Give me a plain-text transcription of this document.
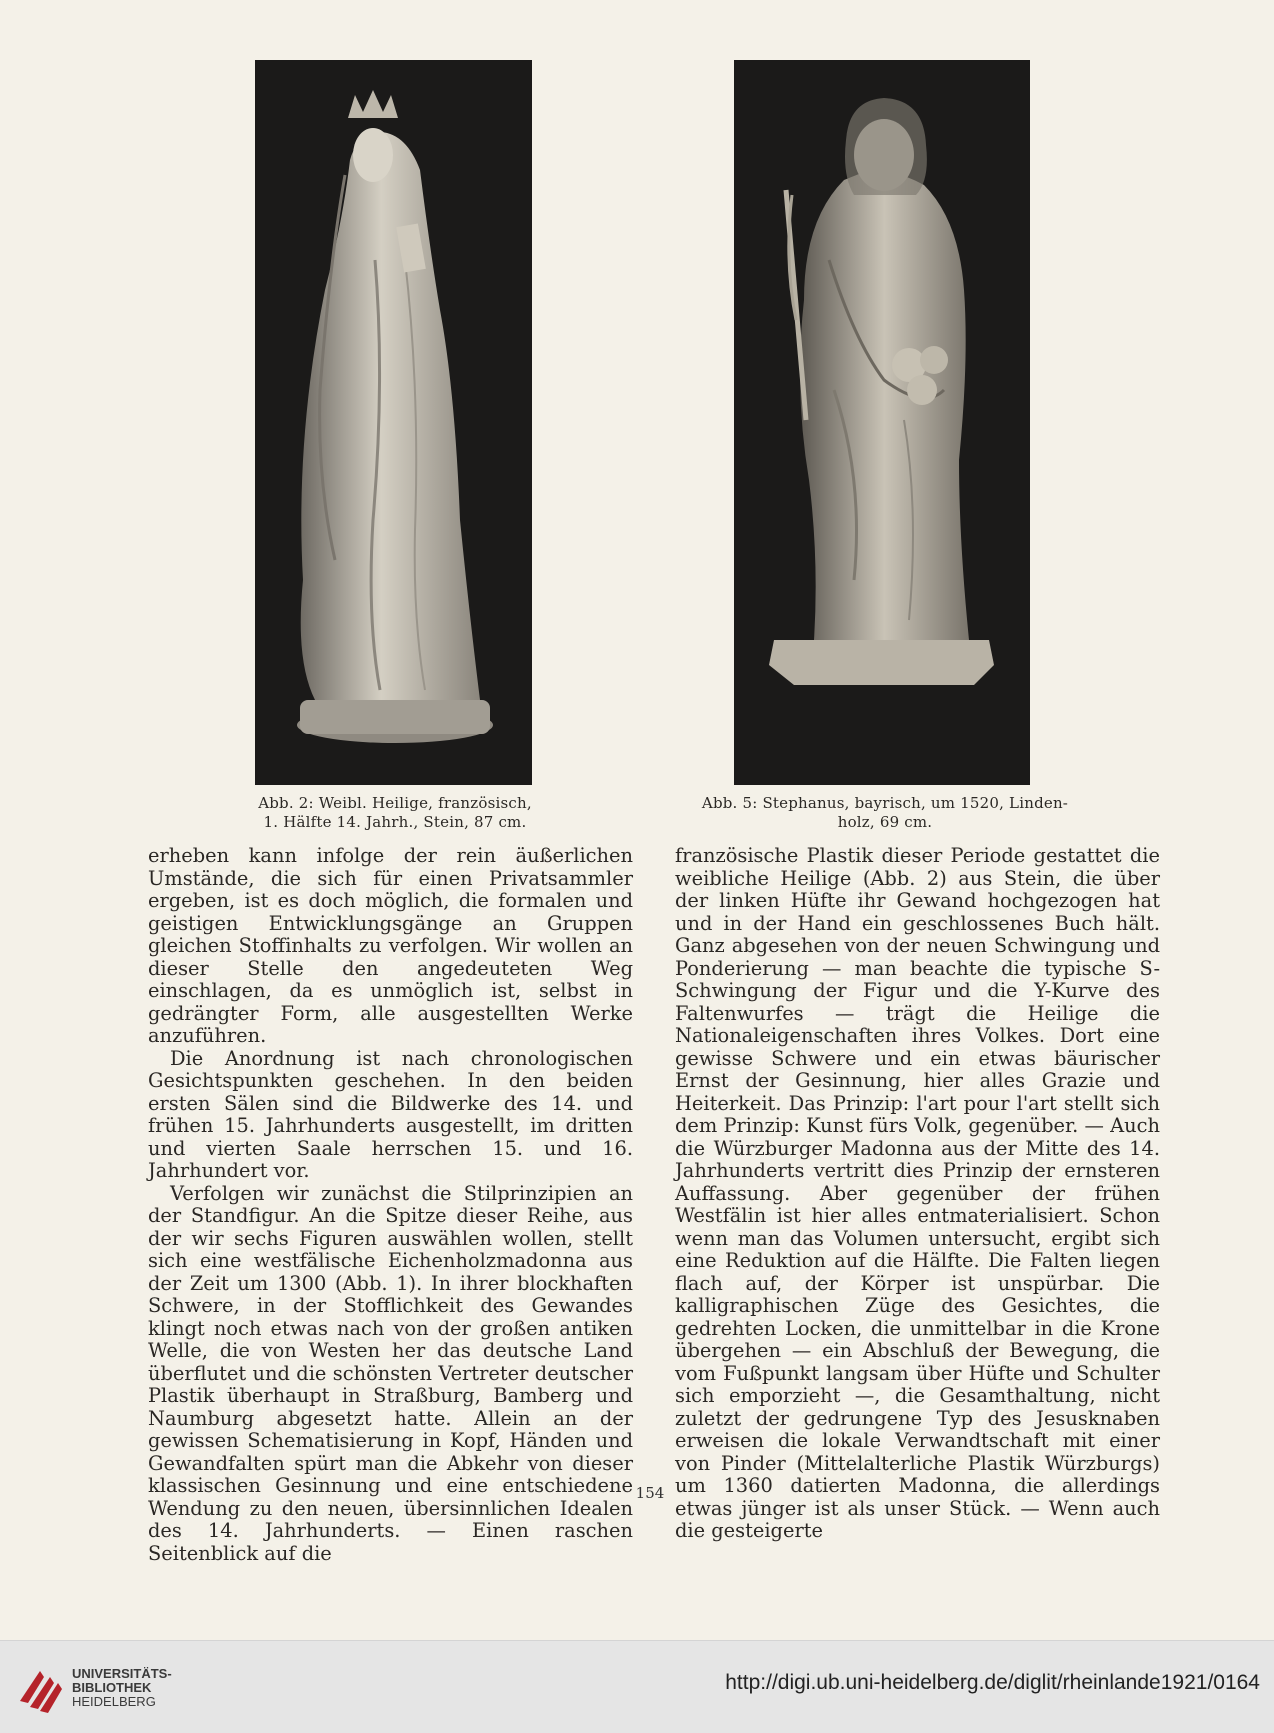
Abb. 2: Weibl. Heilige, französisch,
1. Hälfte 14. Jahrh., Stein, 87 cm.
Abb. 5: Stephanus, bayrisch, um 1520, Linden-
holz, 69 cm.

erheben kann infolge der rein äußerlichen Umstände, die sich für einen Privatsammler ergeben, ist es doch möglich, die formalen und geistigen Entwicklungsgänge an Gruppen gleichen Stoffinhalts zu verfolgen. Wir wollen an dieser Stelle den angedeuteten Weg einschlagen, da es unmöglich ist, selbst in gedrängter Form, alle ausgestellten Werke anzuführen.

Die Anordnung ist nach chronologischen Gesichtspunkten geschehen. In den beiden ersten Sälen sind die Bildwerke des 14. und frühen 15. Jahrhunderts ausgestellt, im dritten und vierten Saale herrschen 15. und 16. Jahrhundert vor.

Verfolgen wir zunächst die Stilprinzipien an der Standfigur. An die Spitze dieser Reihe, aus der wir sechs Figuren auswählen wollen, stellt sich eine westfälische Eichenholzmadonna aus der Zeit um 1300 (Abb. 1). In ihrer blockhaften Schwere, in der Stofflichkeit des Gewandes klingt noch etwas nach von der großen antiken Welle, die von Westen her das deutsche Land überflutet und die schönsten Vertreter deutscher Plastik überhaupt in Straßburg, Bamberg und Naumburg abgesetzt hatte. Allein an der gewissen Schematisierung in Kopf, Händen und Gewandfalten spürt man die Abkehr von dieser klassischen Gesinnung und eine entschiedene Wendung zu den neuen, übersinnlichen Idealen des 14. Jahrhunderts. — Einen raschen Seitenblick auf die

französische Plastik dieser Periode gestattet die weibliche Heilige (Abb. 2) aus Stein, die über der linken Hüfte ihr Gewand hochgezogen hat und in der Hand ein geschlossenes Buch hält. Ganz abgesehen von der neuen Schwingung und Ponderierung — man beachte die typische S-Schwingung der Figur und die Y-Kurve des Faltenwurfes — trägt die Heilige die Nationaleigenschaften ihres Volkes. Dort eine gewisse Schwere und ein etwas bäurischer Ernst der Gesinnung, hier alles Grazie und Heiterkeit. Das Prinzip: l'art pour l'art stellt sich dem Prinzip: Kunst fürs Volk, gegenüber. — Auch die Würzburger Madonna aus der Mitte des 14. Jahrhunderts vertritt dies Prinzip der ernsteren Auffassung. Aber gegenüber der frühen Westfälin ist hier alles entmaterialisiert. Schon wenn man das Volumen untersucht, ergibt sich eine Reduktion auf die Hälfte. Die Falten liegen flach auf, der Körper ist unspürbar. Die kalligraphischen Züge des Gesichtes, die gedrehten Locken, die unmittelbar in die Krone übergehen — ein Abschluß der Bewegung, die vom Fußpunkt langsam über Hüfte und Schulter sich emporzieht —, die Gesamthaltung, nicht zuletzt der gedrungene Typ des Jesusknaben erweisen die lokale Verwandtschaft mit einer von Pinder (Mittelalterliche Plastik Würzburgs) um 1360 datierten Madonna, die allerdings etwas jünger ist als unser Stück. — Wenn auch die gesteigerte

154
UNIVERSITÄTS-
BIBLIOTHEK
HEIDELBERG
http://digi.ub.uni-heidelberg.de/diglit/rheinlande1921/0164
